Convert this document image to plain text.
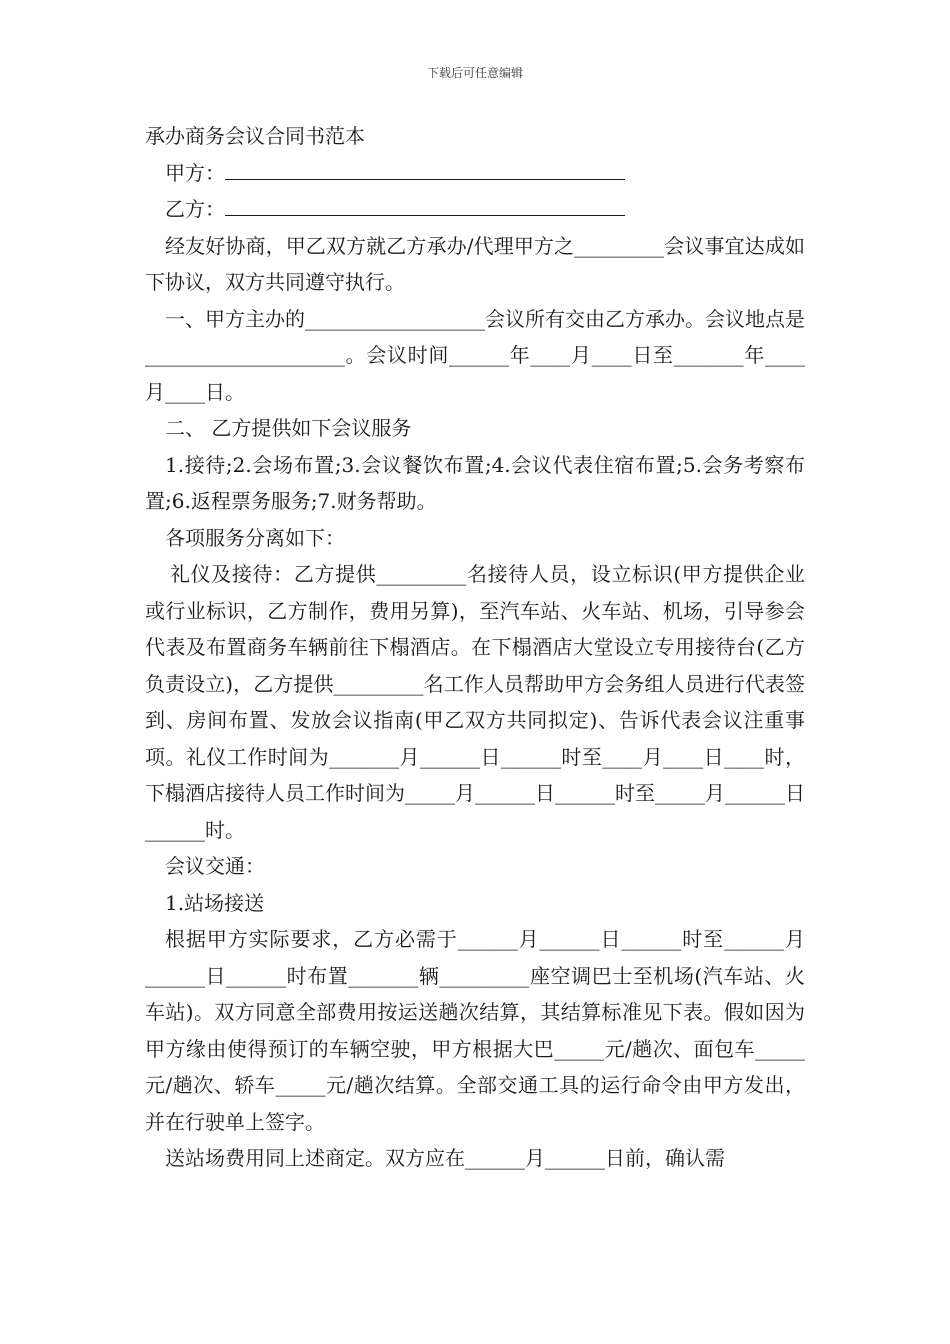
下载后可任意编辑
承办商务会议合同书范本
甲方：
乙方：

经友好协商，甲乙双方就乙方承办/代理甲方之_________会议事宜达成如下协议，双方共同遵守执行。

一、甲方主办的__________________会议所有交由乙方承办。会议地点是____________________。会议时间______年____月____日至_______年____月____日。

二、 乙方提供如下会议服务

1.接待;2.会场布置;3.会议餐饮布置;4.会议代表住宿布置;5.会务考察布置;6.返程票务服务;7.财务帮助。

各项服务分离如下：

礼仪及接待：乙方提供_________名接待人员，设立标识(甲方提供企业或行业标识，乙方制作，费用另算)，至汽车站、火车站、机场，引导参会代表及布置商务车辆前往下榻酒店。在下榻酒店大堂设立专用接待台(乙方负责设立)，乙方提供_________名工作人员帮助甲方会务组人员进行代表签到、房间布置、发放会议指南(甲乙双方共同拟定)、告诉代表会议注重事项。礼仪工作时间为_______月______日______时至____月____日____时，下榻酒店接待人员工作时间为_____月______日______时至_____月______日______时。

会议交通：

1.站场接送

根据甲方实际要求，乙方必需于______月______日______时至______月______日______时布置_______辆_________座空调巴士至机场(汽车站、火车站)。双方同意全部费用按运送趟次结算，其结算标准见下表。假如因为甲方缘由使得预订的车辆空驶，甲方根据大巴_____元/趟次、面包车_____元/趟次、轿车_____元/趟次结算。全部交通工具的运行命令由甲方发出，并在行驶单上签字。

送站场费用同上述商定。双方应在______月______日前，确认需
